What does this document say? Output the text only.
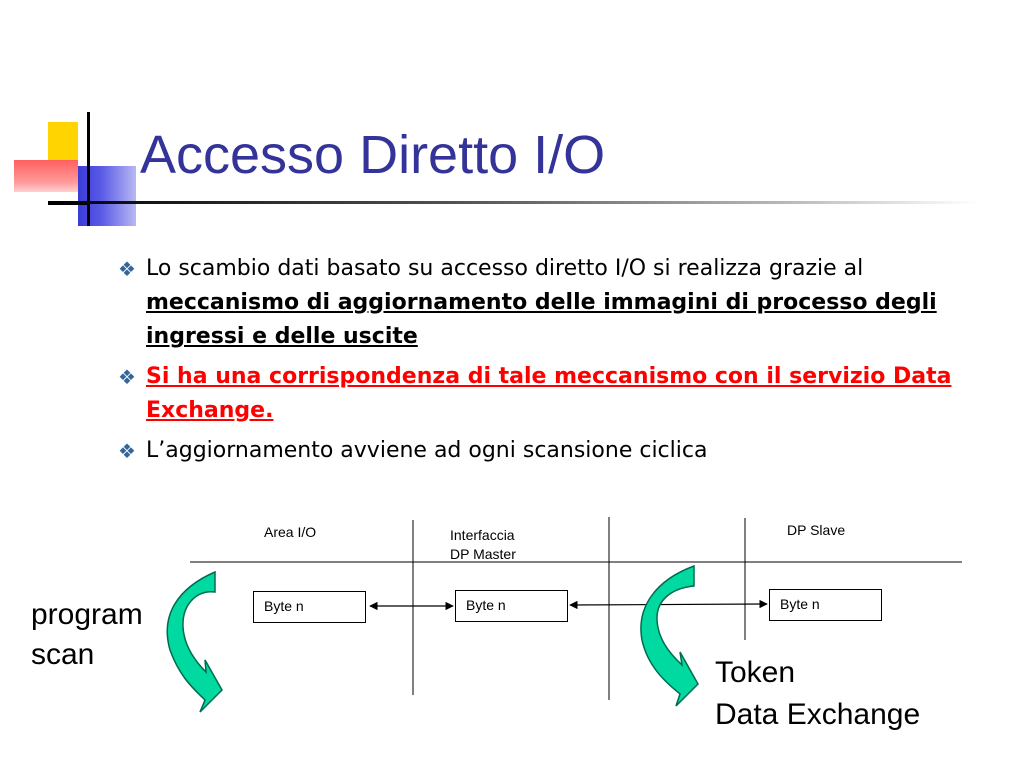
Accesso Diretto I/O
❖ Lo scambio dati basato su accesso diretto I/O si realizza grazie al meccanismo di aggiornamento delle immagini di processo degli ingressi e delle uscite
❖ Si ha una corrispondenza di tale meccanismo con il servizio Data Exchange.
❖ L’aggiornamento avviene ad ogni scansione ciclica
Area I/O	Interfaccia
DP Master
DP Slave
Byte n	Byte n	Byte n
program
scan
Token
Data Exchange
